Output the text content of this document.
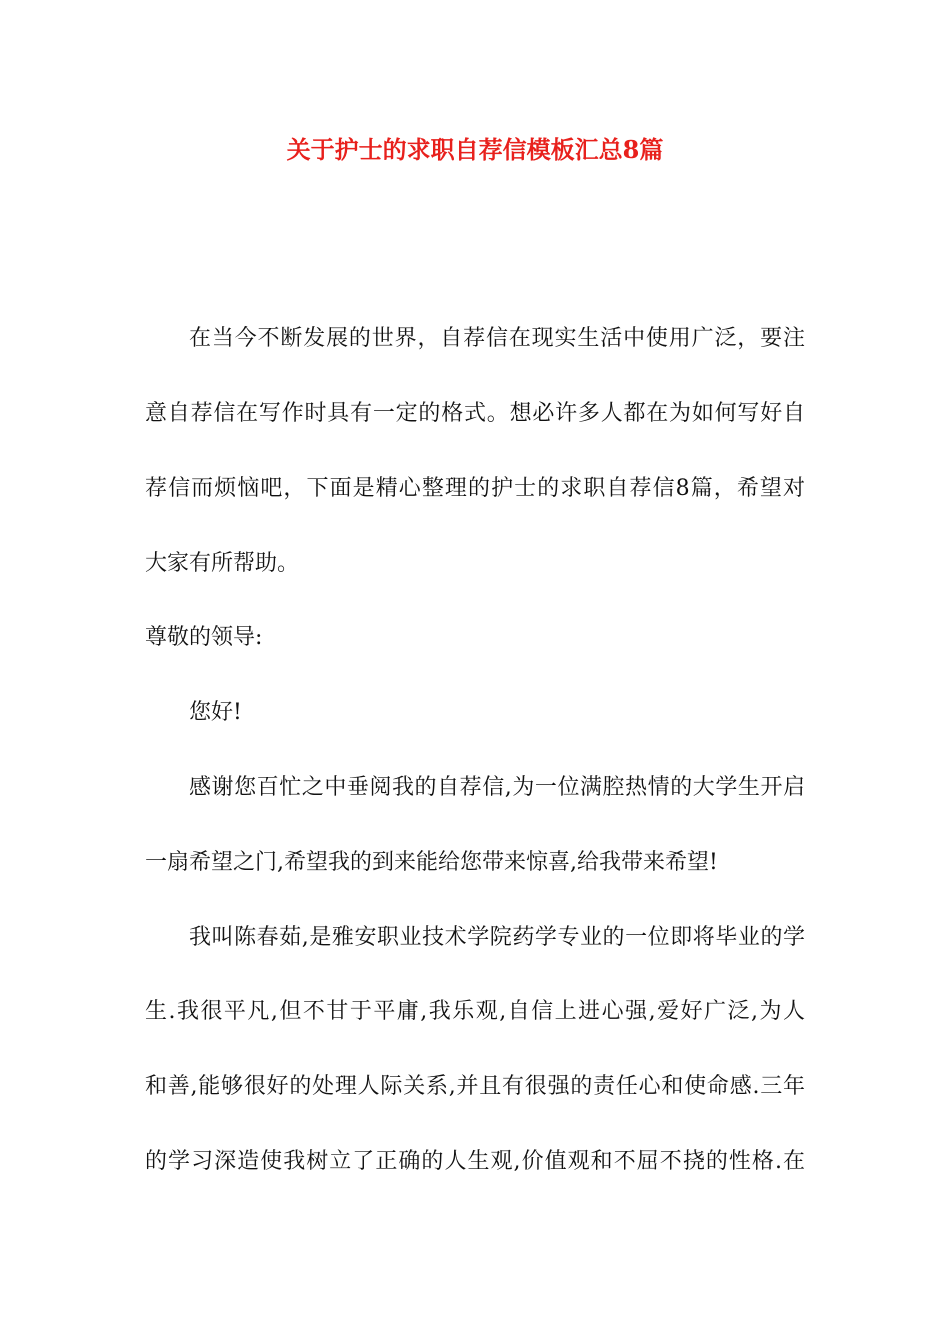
关于护士的求职自荐信模板汇总8篇
在当今不断发展的世界，自荐信在现实生活中使用广泛，要注
意自荐信在写作时具有一定的格式。想必许多人都在为如何写好自
荐信而烦恼吧，下面是精心整理的护士的求职自荐信8篇，希望对
大家有所帮助。
尊敬的领导:
您好!
感谢您百忙之中垂阅我的自荐信,为一位满腔热情的大学生开启
一扇希望之门,希望我的到来能给您带来惊喜,给我带来希望!
我叫陈春茹,是雅安职业技术学院药学专业的一位即将毕业的学
生.我很平凡,但不甘于平庸,我乐观,自信上进心强,爱好广泛,为人
和善,能够很好的处理人际关系,并且有很强的责任心和使命感.三年
的学习深造使我树立了正确的人生观,价值观和不屈不挠的性格.在
